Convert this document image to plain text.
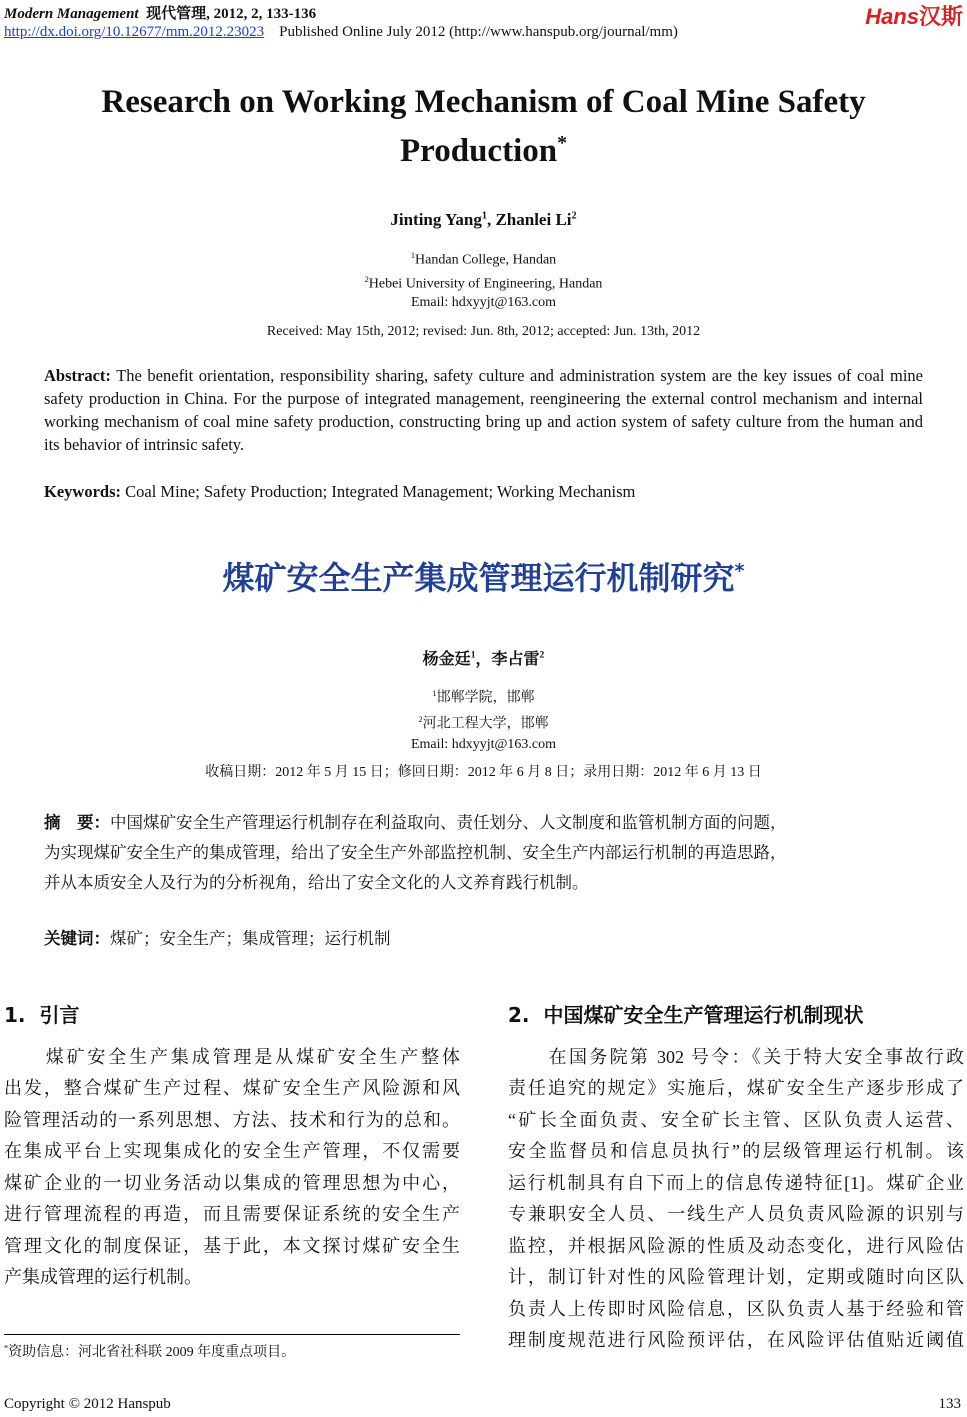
Modern Management 现代管理, 2012, 2, 133-136
http://dx.doi.org/10.12677/mm.2012.23023 Published Online July 2012 (http://www.hanspub.org/journal/mm)
Hans汉斯
Research on Working Mechanism of Coal Mine Safety
Production*
Jinting Yang$^1$, Zhanlei Li$^2$
$^1$Handan College, Handan
$^2$Hebei University of Engineering, Handan
Email: hdxyyjt@163.com
Received: May 15th, 2012; revised: Jun. 8th, 2012; accepted: Jun. 13th, 2012
Abstract: The benefit orientation, responsibility sharing, safety culture and administration system are the key issues of coal mine safety production in China. For the purpose of integrated management, reengineering the external control mechanism and internal working mechanism of coal mine safety production, constructing bring up and action system of safety culture from the human and its behavior of intrinsic safety.
Keywords: Coal Mine; Safety Production; Integrated Management; Working Mechanism
煤矿安全生产集成管理运行机制研究*
杨金廷$^1$，李占雷$^2$
$^1$邯郸学院，邯郸
$^2$河北工程大学，邯郸
Email: hdxyyjt@163.com
收稿日期：2012 年 5 月 15 日；修回日期：2012 年 6 月 8 日；录用日期：2012 年 6 月 13 日
摘　要：中国煤矿安全生产管理运行机制存在利益取向、责任划分、人文制度和监管机制方面的问题，
为实现煤矿安全生产的集成管理，给出了安全生产外部监控机制、安全生产内部运行机制的再造思路，
并从本质安全人及行为的分析视角，给出了安全文化的人文养育践行机制。
关键词：煤矿；安全生产；集成管理；运行机制
1. 引言
　　煤矿安全生产集成管理是从煤矿安全生产整体
出发，整合煤矿生产过程、煤矿安全生产风险源和风
险管理活动的一系列思想、方法、技术和行为的总和。
在集成平台上实现集成化的安全生产管理，不仅需要
煤矿企业的一切业务活动以集成的管理思想为中心，
进行管理流程的再造，而且需要保证系统的安全生产
管理文化的制度保证，基于此，本文探讨煤矿安全生
产集成管理的运行机制。
2. 中国煤矿安全生产管理运行机制现状
　　在国务院第 302 号令：《关于特大安全事故行政
责任追究的规定》实施后，煤矿安全生产逐步形成了
“矿长全面负责、安全矿长主管、区队负责人运营、
安全监督员和信息员执行”的层级管理运行机制。该
运行机制具有自下而上的信息传递特征[1]。煤矿企业
专兼职安全人员、一线生产人员负责风险源的识别与
监控，并根据风险源的性质及动态变化，进行风险估
计，制订针对性的风险管理计划，定期或随时向区队
负责人上传即时风险信息，区队负责人基于经验和管
理制度规范进行风险预评估，在风险评估值贴近阈值
*资助信息：河北省社科联 2009 年度重点项目。
Copyright © 2012 Hanspub	133
